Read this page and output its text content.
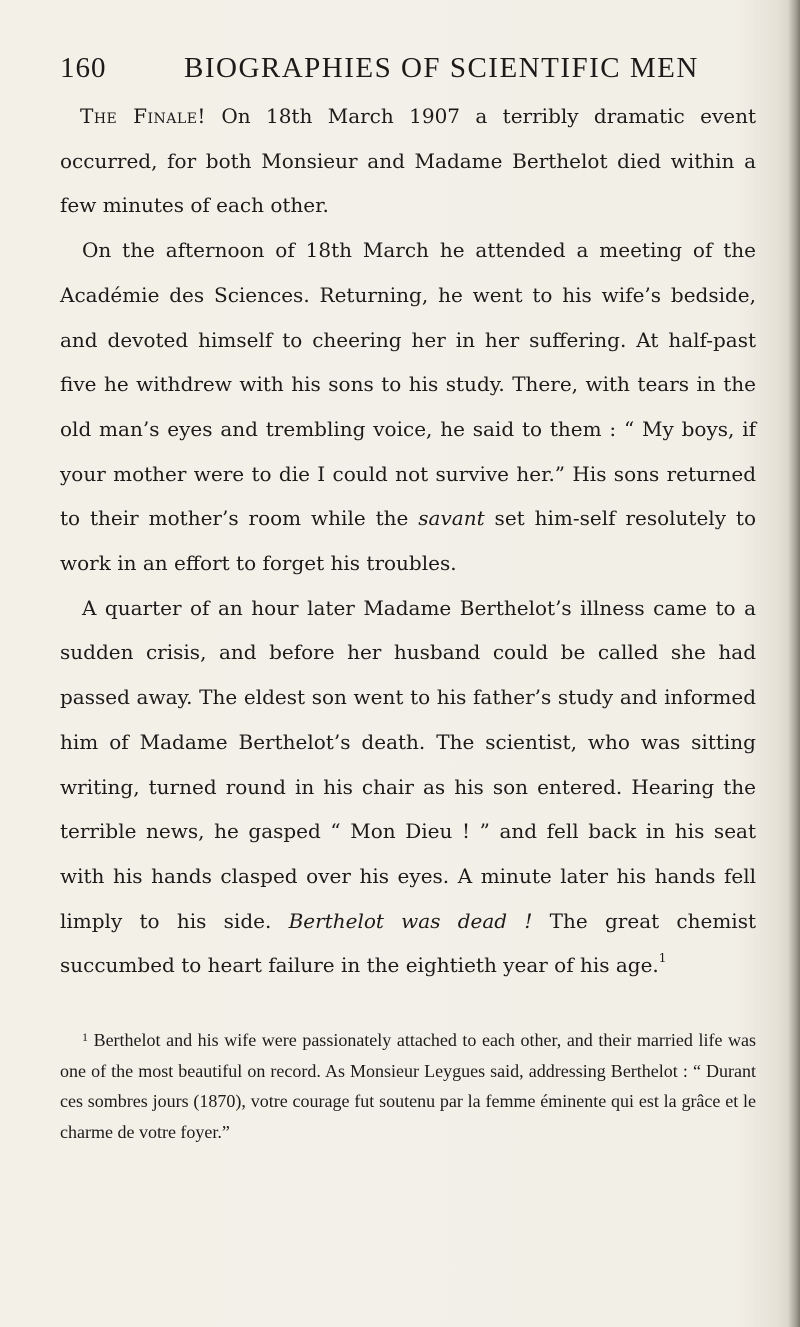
160	BIOGRAPHIES OF SCIENTIFIC MEN

The Finale! On 18th March 1907 a terribly dramatic event occurred, for both Monsieur and Madame Berthelot died within a few minutes of each other.

On the afternoon of 18th March he attended a meeting of the Académie des Sciences. Returning, he went to his wife’s bedside, and devoted himself to cheering her in her suffering. At half-past five he withdrew with his sons to his study. There, with tears in the old man’s eyes and trembling voice, he said to them : “ My boys, if your mother were to die I could not survive her.” His sons returned to their mother’s room while the savant set him-self resolutely to work in an effort to forget his troubles.

A quarter of an hour later Madame Berthelot’s illness came to a sudden crisis, and before her husband could be called she had passed away. The eldest son went to his father’s study and informed him of Madame Berthelot’s death. The scientist, who was sitting writing, turned round in his chair as his son entered. Hearing the terrible news, he gasped “ Mon Dieu ! ” and fell back in his seat with his hands clasped over his eyes. A minute later his hands fell limply to his side. Berthelot was dead ! The great chemist succumbed to heart failure in the eightieth year of his age.$^1$

$^1$ Berthelot and his wife were passionately attached to each other, and their married life was one of the most beautiful on record. As Monsieur Leygues said, addressing Berthelot : “ Durant ces sombres jours (1870), votre courage fut soutenu par la femme éminente qui est la grâce et le charme de votre foyer.”
